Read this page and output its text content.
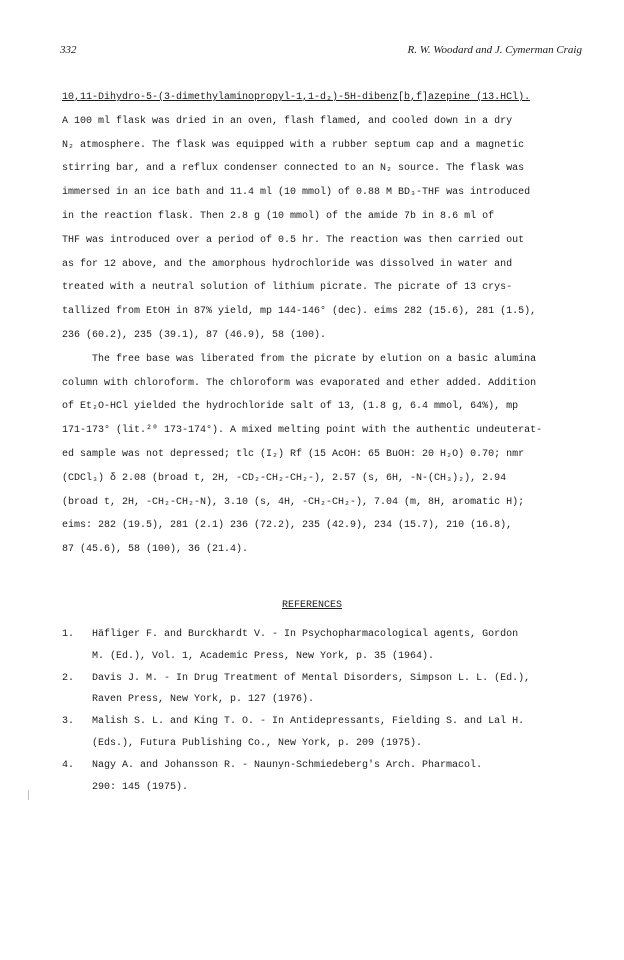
332	R. W. Woodard and J. Cymerman Craig
10,11-Dihydro-5-(3-dimethylaminopropyl-1,1-d₂)-5H-dibenz[b,f]azepine (13.HCl).
A 100 ml flask was dried in an oven, flash flamed, and cooled down in a dry
N₂ atmosphere. The flask was equipped with a rubber septum cap and a magnetic
stirring bar, and a reflux condenser connected to an N₂ source. The flask was
immersed in an ice bath and 11.4 ml (10 mmol) of 0.88 M BD₃-THF was introduced
in the reaction flask. Then 2.8 g (10 mmol) of the amide 7b in 8.6 ml of
THF was introduced over a period of 0.5 hr. The reaction was then carried out
as for 12 above, and the amorphous hydrochloride was dissolved in water and
treated with a neutral solution of lithium picrate. The picrate of 13 crys-
tallized from EtOH in 87% yield, mp 144-146° (dec). eims 282 (15.6), 281 (1.5),
236 (60.2), 235 (39.1), 87 (46.9), 58 (100).
The free base was liberated from the picrate by elution on a basic alumina
column with chloroform. The chloroform was evaporated and ether added. Addition
of Et₂O-HCl yielded the hydrochloride salt of 13, (1.8 g, 6.4 mmol, 64%), mp
171-173° (lit.²⁰ 173-174°). A mixed melting point with the authentic undeuterat-
ed sample was not depressed; tlc (I₂) Rf (15 AcOH: 65 BuOH: 20 H₂O) 0.70; nmr
(CDCl₃) δ 2.08 (broad t, 2H, -CD₂-CH₂-CH₂-), 2.57 (s, 6H, -N-(CH₃)₂), 2.94
(broad t, 2H, -CH₂-CH₂-N), 3.10 (s, 4H, -CH₂-CH₂-), 7.04 (m, 8H, aromatic H);
eims: 282 (19.5), 281 (2.1) 236 (72.2), 235 (42.9), 234 (15.7), 210 (16.8),
87 (45.6), 58 (100), 36 (21.4).
REFERENCES
1. Häfliger F. and Burckhardt V. - In Psychopharmacological agents, Gordon
M. (Ed.), Vol. 1, Academic Press, New York, p. 35 (1964).
2. Davis J. M. - In Drug Treatment of Mental Disorders, Simpson L. L. (Ed.),
Raven Press, New York, p. 127 (1976).
3. Malish S. L. and King T. O. - In Antidepressants, Fielding S. and Lal H.
(Eds.), Futura Publishing Co., New York, p. 209 (1975).
4. Nagy A. and Johansson R. - Naunyn-Schmiedeberg's Arch. Pharmacol.
290: 145 (1975).
